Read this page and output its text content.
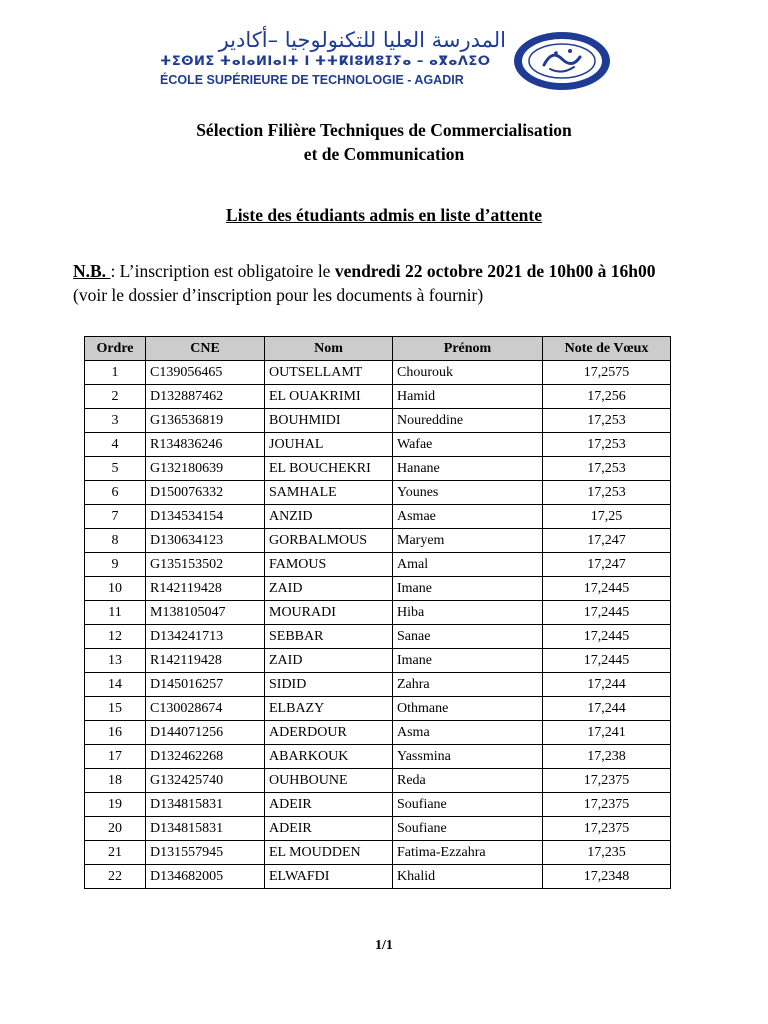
المدرسة العليا للتكنولوجيا –أكادير
ⵜⵉⵙⵍⵉ ⵜⴰⵏⴰⵍⵏⴰⵏⵜ ⵏ ⵜⵜⴽⵏⵓⵍⵓⵊⵢⴰ – ⴰⴳⴰⴷⵉⵔ
ÉCOLE SUPÉRIEURE DE TECHNOLOGIE - AGADIR
Sélection Filière Techniques de Commercialisation
et de Communication
Liste des étudiants admis en liste d’attente
N.B. : L’inscription est obligatoire le vendredi 22 octobre 2021 de 10h00 à 16h00 (voir le dossier d’inscription pour les documents à fournir)
Ordre	CNE	Nom	Prénom	Note de Vœux
1	C139056465	OUTSELLAMT	Chourouk	17,2575
2	D132887462	EL OUAKRIMI	Hamid	17,256
3	G136536819	BOUHMIDI	Noureddine	17,253
4	R134836246	JOUHAL	Wafae	17,253
5	G132180639	EL BOUCHEKRI	Hanane	17,253
6	D150076332	SAMHALE	Younes	17,253
7	D134534154	ANZID	Asmae	17,25
8	D130634123	GORBALMOUS	Maryem	17,247
9	G135153502	FAMOUS	Amal	17,247
10	R142119428	ZAID	Imane	17,2445
11	M138105047	MOURADI	Hiba	17,2445
12	D134241713	SEBBAR	Sanae	17,2445
13	R142119428	ZAID	Imane	17,2445
14	D145016257	SIDID	Zahra	17,244
15	C130028674	ELBAZY	Othmane	17,244
16	D144071256	ADERDOUR	Asma	17,241
17	D132462268	ABARKOUK	Yassmina	17,238
18	G132425740	OUHBOUNE	Reda	17,2375
19	D134815831	ADEIR	Soufiane	17,2375
20	D134815831	ADEIR	Soufiane	17,2375
21	D131557945	EL MOUDDEN	Fatima-Ezzahra	17,235
22	D134682005	ELWAFDI	Khalid	17,2348
1/1
